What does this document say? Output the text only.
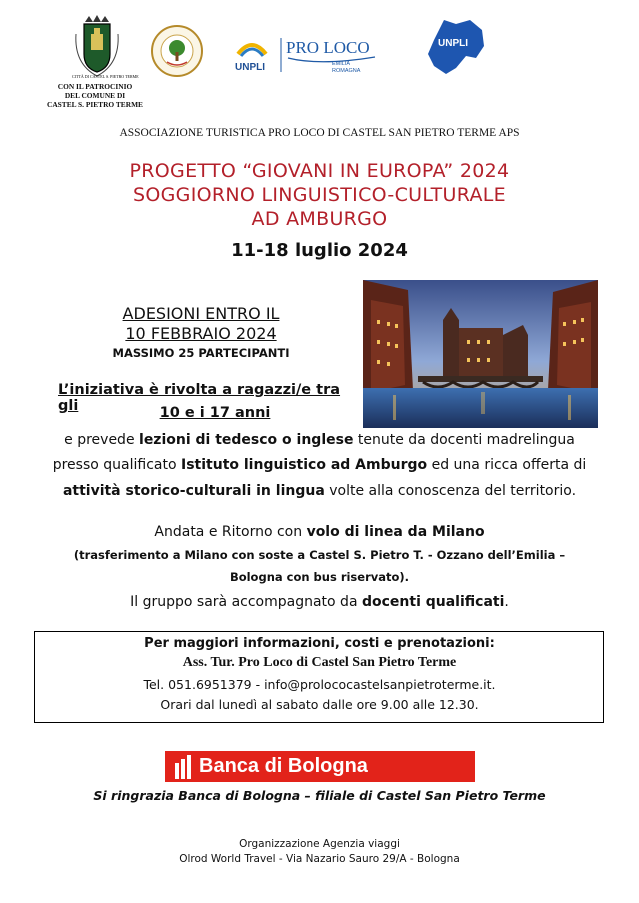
CITTÀ DI CASTEL S. PIETRO TERME
CON IL PATROCINIO
DEL COMUNE DI
CASTEL S. PIETRO TERME
UNPLI
PRO LOCO
EMILIA
ROMAGNA
UNPLI
ASSOCIAZIONE TURISTICA PRO LOCO DI CASTEL SAN PIETRO TERME APS
PROGETTO “GIOVANI IN EUROPA” 2024
SOGGIORNO LINGUISTICO-CULTURALE
AD AMBURGO
11-18 luglio 2024
ADESIONI ENTRO IL
10 FEBBRAIO 2024
MASSIMO 25 PARTECIPANTI
L’iniziativa è rivolta a ragazzi/e tra gli	10 e i 17 anni
e prevede lezioni di tedesco o inglese tenute da docenti madrelingua
presso qualificato Istituto linguistico ad Amburgo ed una ricca offerta di
attività storico-culturali in lingua volte alla conoscenza del territorio.
Andata e Ritorno con volo di linea da Milano
(trasferimento a Milano con soste a Castel S. Pietro T. - Ozzano dell’Emilia –
Bologna con bus riservato).
Il gruppo sarà accompagnato da docenti qualificati.
Per maggiori informazioni, costi e prenotazioni:
Ass. Tur. Pro Loco di Castel San Pietro Terme
Tel. 051.6951379 - info@prolococastelsanpietroterme.it.
Orari dal lunedì al sabato dalle ore 9.00 alle 12.30.
Banca di Bologna
Si ringrazia Banca di Bologna – filiale di Castel San Pietro Terme
Organizzazione Agenzia viaggi
Olrod World Travel - Via Nazario Sauro 29/A - Bologna
